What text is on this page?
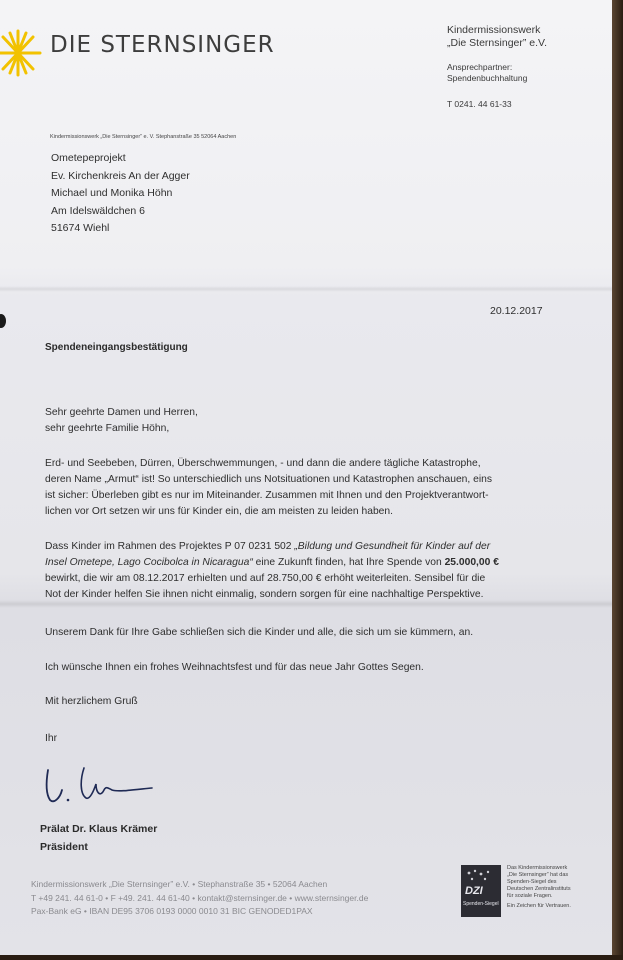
DIE STERNSINGER
Kindermissionswerk
„Die Sternsinger” e.V.
Ansprechpartner:
Spendenbuchhaltung
T 0241. 44 61-33
Kindermissionswerk „Die Sternsinger” e. V. Stephanstraße 35 52064 Aachen
Ometepeprojekt
Ev. Kirchenkreis An der Agger
Michael und Monika Höhn
Am Idelswäldchen 6
51674 Wiehl
20.12.2017
Spendeneingangsbestätigung
Sehr geehrte Damen und Herren,
sehr geehrte Familie Höhn,
Erd- und Seebeben, Dürren, Überschwemmungen, - und dann die andere tägliche Katastrophe,
deren Name „Armut“ ist! So unterschiedlich uns Notsituationen und Katastrophen anschauen, eins
ist sicher: Überleben gibt es nur im Miteinander. Zusammen mit Ihnen und den Projektverantwort-
lichen vor Ort setzen wir uns für Kinder ein, die am meisten zu leiden haben.
Dass Kinder im Rahmen des Projektes P 07 0231 502 „Bildung und Gesundheit für Kinder auf der
Insel Ometepe, Lago Cocibolca in Nicaragua“ eine Zukunft finden, hat Ihre Spende von 25.000,00 €
bewirkt, die wir am 08.12.2017 erhielten und auf 28.750,00 € erhöht weiterleiten. Sensibel für die
Not der Kinder helfen Sie ihnen nicht einmalig, sondern sorgen für eine nachhaltige Perspektive.
Unserem Dank für Ihre Gabe schließen sich die Kinder und alle, die sich um sie kümmern, an.
Ich wünsche Ihnen ein frohes Weihnachtsfest und für das neue Jahr Gottes Segen.
Mit herzlichem Gruß
Ihr
Prälat Dr. Klaus Krämer
Präsident
Kindermissionswerk „Die Sternsinger” e.V. • Stephanstraße 35 • 52064 Aachen
T +49 241. 44 61-0 • F +49. 241. 44 61-40 • kontakt@sternsinger.de • www.sternsinger.de
Pax-Bank eG • IBAN DE95 3706 0193 0000 0010 31 BIC GENODED1PAX
DZI
Spenden-Siegel
Das Kindermissionswerk
„Die Sternsinger” hat das
Spenden-Siegel des
Deutschen Zentralinstituts
für soziale Fragen.
Ein Zeichen für Vertrauen.
